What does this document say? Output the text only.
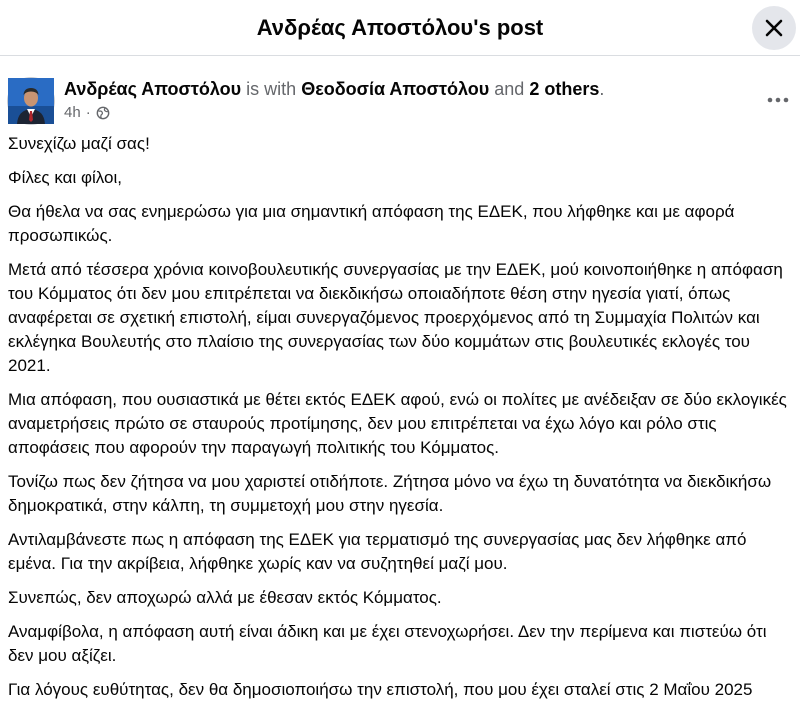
Ανδρέας Αποστόλου's post
Ανδρέας Αποστόλου is with Θεοδοσία Αποστόλου and 2 others.
4h ·

Συνεχίζω μαζί σας!

Φίλες και φίλοι,

Θα ήθελα να σας ενημερώσω για μια σημαντική απόφαση της ΕΔΕΚ, που λήφθηκε και με αφορά προσωπικώς.

Μετά από τέσσερα χρόνια κοινοβουλευτικής συνεργασίας με την ΕΔΕΚ, μού κοινοποιήθηκε η απόφαση του Κόμματος ότι δεν μου επιτρέπεται να διεκδικήσω οποιαδήποτε θέση στην ηγεσία γιατί, όπως αναφέρεται σε σχετική επιστολή, είμαι συνεργαζόμενος προερχόμενος από τη Συμμαχία Πολιτών και εκλέγηκα Βουλευτής στο πλαίσιο της συνεργασίας των δύο κομμάτων στις βουλευτικές εκλογές του 2021.

Μια απόφαση, που ουσιαστικά με θέτει εκτός ΕΔΕΚ αφού, ενώ οι πολίτες με ανέδειξαν σε δύο εκλογικές αναμετρήσεις πρώτο σε σταυρούς προτίμησης, δεν μου επιτρέπεται να έχω λόγο και ρόλο στις αποφάσεις που αφορούν την παραγωγή πολιτικής του Κόμματος.

Τονίζω πως δεν ζήτησα να μου χαριστεί οτιδήποτε. Ζήτησα μόνο να έχω τη δυνατότητα να διεκδικήσω δημοκρατικά, στην κάλπη, τη συμμετοχή μου στην ηγεσία.

Αντιλαμβάνεστε πως η απόφαση της ΕΔΕΚ για τερματισμό της συνεργασίας μας δεν λήφθηκε από εμένα. Για την ακρίβεια, λήφθηκε χωρίς καν να συζητηθεί μαζί μου.

Συνεπώς, δεν αποχωρώ αλλά με έθεσαν εκτός Κόμματος.

Αναμφίβολα, η απόφαση αυτή είναι άδικη και με έχει στενοχωρήσει. Δεν την περίμενα και πιστεύω ότι δεν μου αξίζει.

Για λόγους ευθύτητας, δεν θα δημοσιοποιήσω την επιστολή, που μου έχει σταλεί στις 2 Μαΐου 2025
